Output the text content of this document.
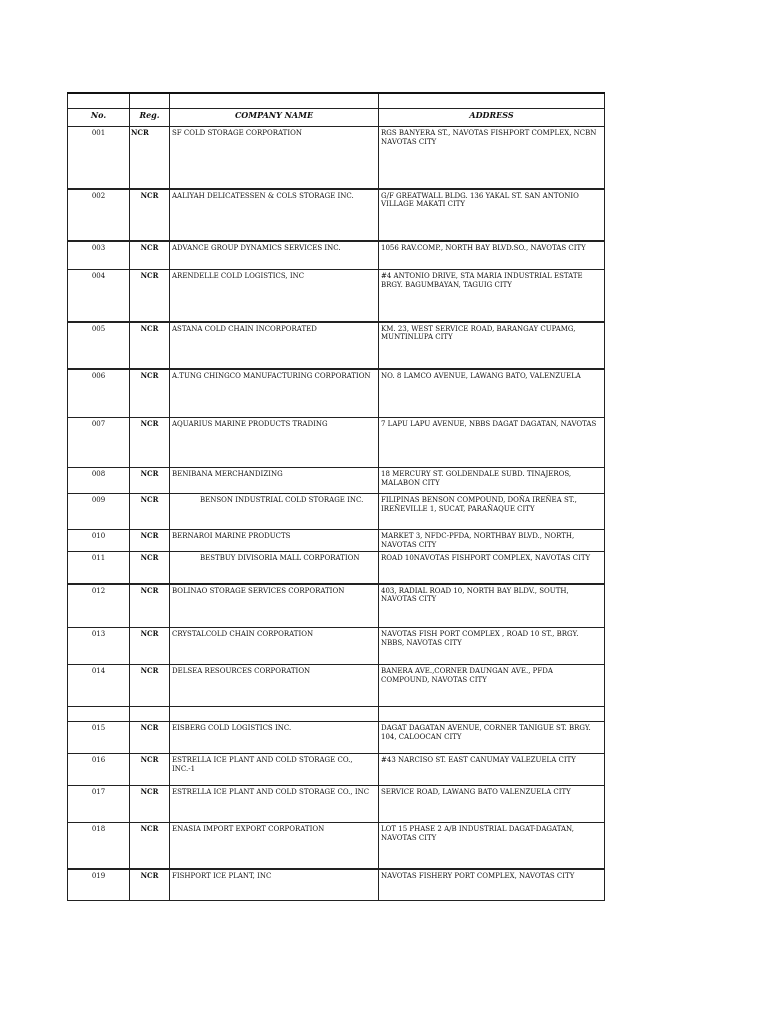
No.	Reg.	COMPANY NAME	ADDRESS
001	NCR	SF COLD STORAGE CORPORATION	RGS BANYERA ST., NAVOTAS FISHPORT COMPLEX, NCBN NAVOTAS CITY
002	NCR	AALIYAH DELICATESSEN & COLS STORAGE INC.	G/F GREATWALL BLDG. 136 YAKAL ST. SAN ANTONIO VILLAGE MAKATI CITY
003	NCR	ADVANCE GROUP DYNAMICS SERVICES INC.	1056 RAV.COMP., NORTH BAY BLVD.SO., NAVOTAS CITY
004	NCR	ARENDELLE COLD LOGISTICS, INC	#4 ANTONIO DRIVE, STA MARIA INDUSTRIAL ESTATE BRGY. BAGUMBAYAN, TAGUIG CITY
005	NCR	ASTANA COLD CHAIN INCORPORATED	KM. 23, WEST SERVICE ROAD, BARANGAY CUPAMG, MUNTINLUPA CITY
006	NCR	A.TUNG CHINGCO MANUFACTURING CORPORATION	NO. 8 LAMCO AVENUE, LAWANG BATO, VALENZUELA
007	NCR	AQUARIUS MARINE PRODUCTS TRADING	7 LAPU LAPU AVENUE, NBBS DAGAT DAGATAN, NAVOTAS
008	NCR	BENIBANA MERCHANDIZING	18 MERCURY ST. GOLDENDALE SUBD. TINAJEROS, MALABON CITY
009	NCR	BENSON INDUSTRIAL COLD STORAGE INC.	FILIPINAS BENSON COMPOUND, DOÑA IREÑEA ST., IREÑEVILLE 1, SUCAT, PARAÑAQUE CITY
010	NCR	BERNAROI MARINE PRODUCTS	MARKET 3, NFDC-PFDA, NORTHBAY BLVD., NORTH, NAVOTAS CITY
011	NCR	BESTBUY DIVISORIA MALL CORPORATION	ROAD 10NAVOTAS FISHPORT COMPLEX, NAVOTAS CITY
012	NCR	BOLINAO STORAGE SERVICES CORPORATION	403, RADIAL ROAD 10, NORTH BAY BLDV., SOUTH, NAVOTAS CITY
013	NCR	CRYSTALCOLD CHAIN CORPORATION	NAVOTAS FISH PORT COMPLEX , ROAD 10 ST., BRGY. NBBS, NAVOTAS CITY
014	NCR	DELSEA RESOURCES CORPORATION	BANERA AVE.,CORNER DAUNGAN AVE., PFDA COMPOUND, NAVOTAS CITY

015	NCR	EISBERG COLD LOGISTICS INC.	DAGAT DAGATAN AVENUE, CORNER TANIGUE ST. BRGY. 104, CALOOCAN CITY
016	NCR	ESTRELLA ICE PLANT AND COLD STORAGE CO., INC.-1	#43 NARCISO ST. EAST CANUMAY VALEZUELA CITY
017	NCR	ESTRELLA ICE PLANT AND COLD STORAGE CO., INC	SERVICE ROAD, LAWANG BATO VALENZUELA CITY
018	NCR	ENASIA IMPORT EXPORT CORPORATION	LOT 15 PHASE 2 A/B INDUSTRIAL DAGAT-DAGATAN, NAVOTAS CITY
019	NCR	FISHPORT ICE PLANT, INC	NAVOTAS FISHERY PORT COMPLEX, NAVOTAS CITY
